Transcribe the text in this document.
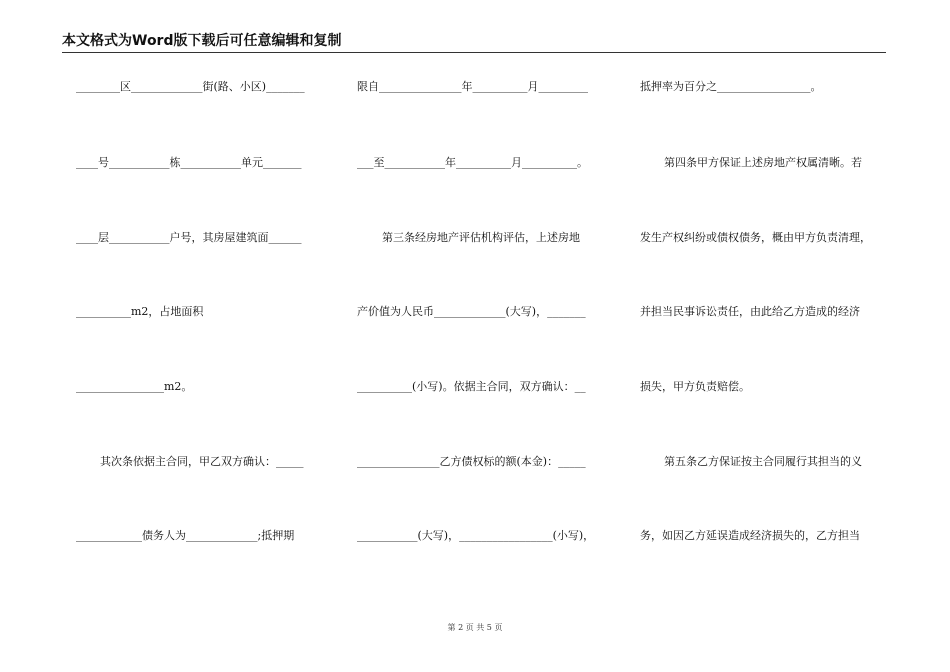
本文格式为Word版下载后可任意编辑和复制
________区_____________街(路、小区)_______
____号___________栋___________单元_______
____层___________户号，其房屋建筑面______
__________m2，占地面积
________________m2。
其次条依据主合同，甲乙双方确认：_____
____________债务人为_____________;抵押期
限自_______________年__________月_________
___至___________年__________月__________。
第三条经房地产评估机构评估，上述房地
产价值为人民币_____________(大写)，_______
__________(小写)。依据主合同，双方确认：__
_______________乙方债权标的额(本金)：_____
___________(大写)，_________________(小写)，
抵押率为百分之_________________。
第四条甲方保证上述房地产权属清晰。若
发生产权纠纷或债权债务，概由甲方负责清理，
并担当民事诉讼责任，由此给乙方造成的经济
损失，甲方负责赔偿。
第五条乙方保证按主合同履行其担当的义
务，如因乙方延误造成经济损失的，乙方担当
第 2 页 共 5 页
